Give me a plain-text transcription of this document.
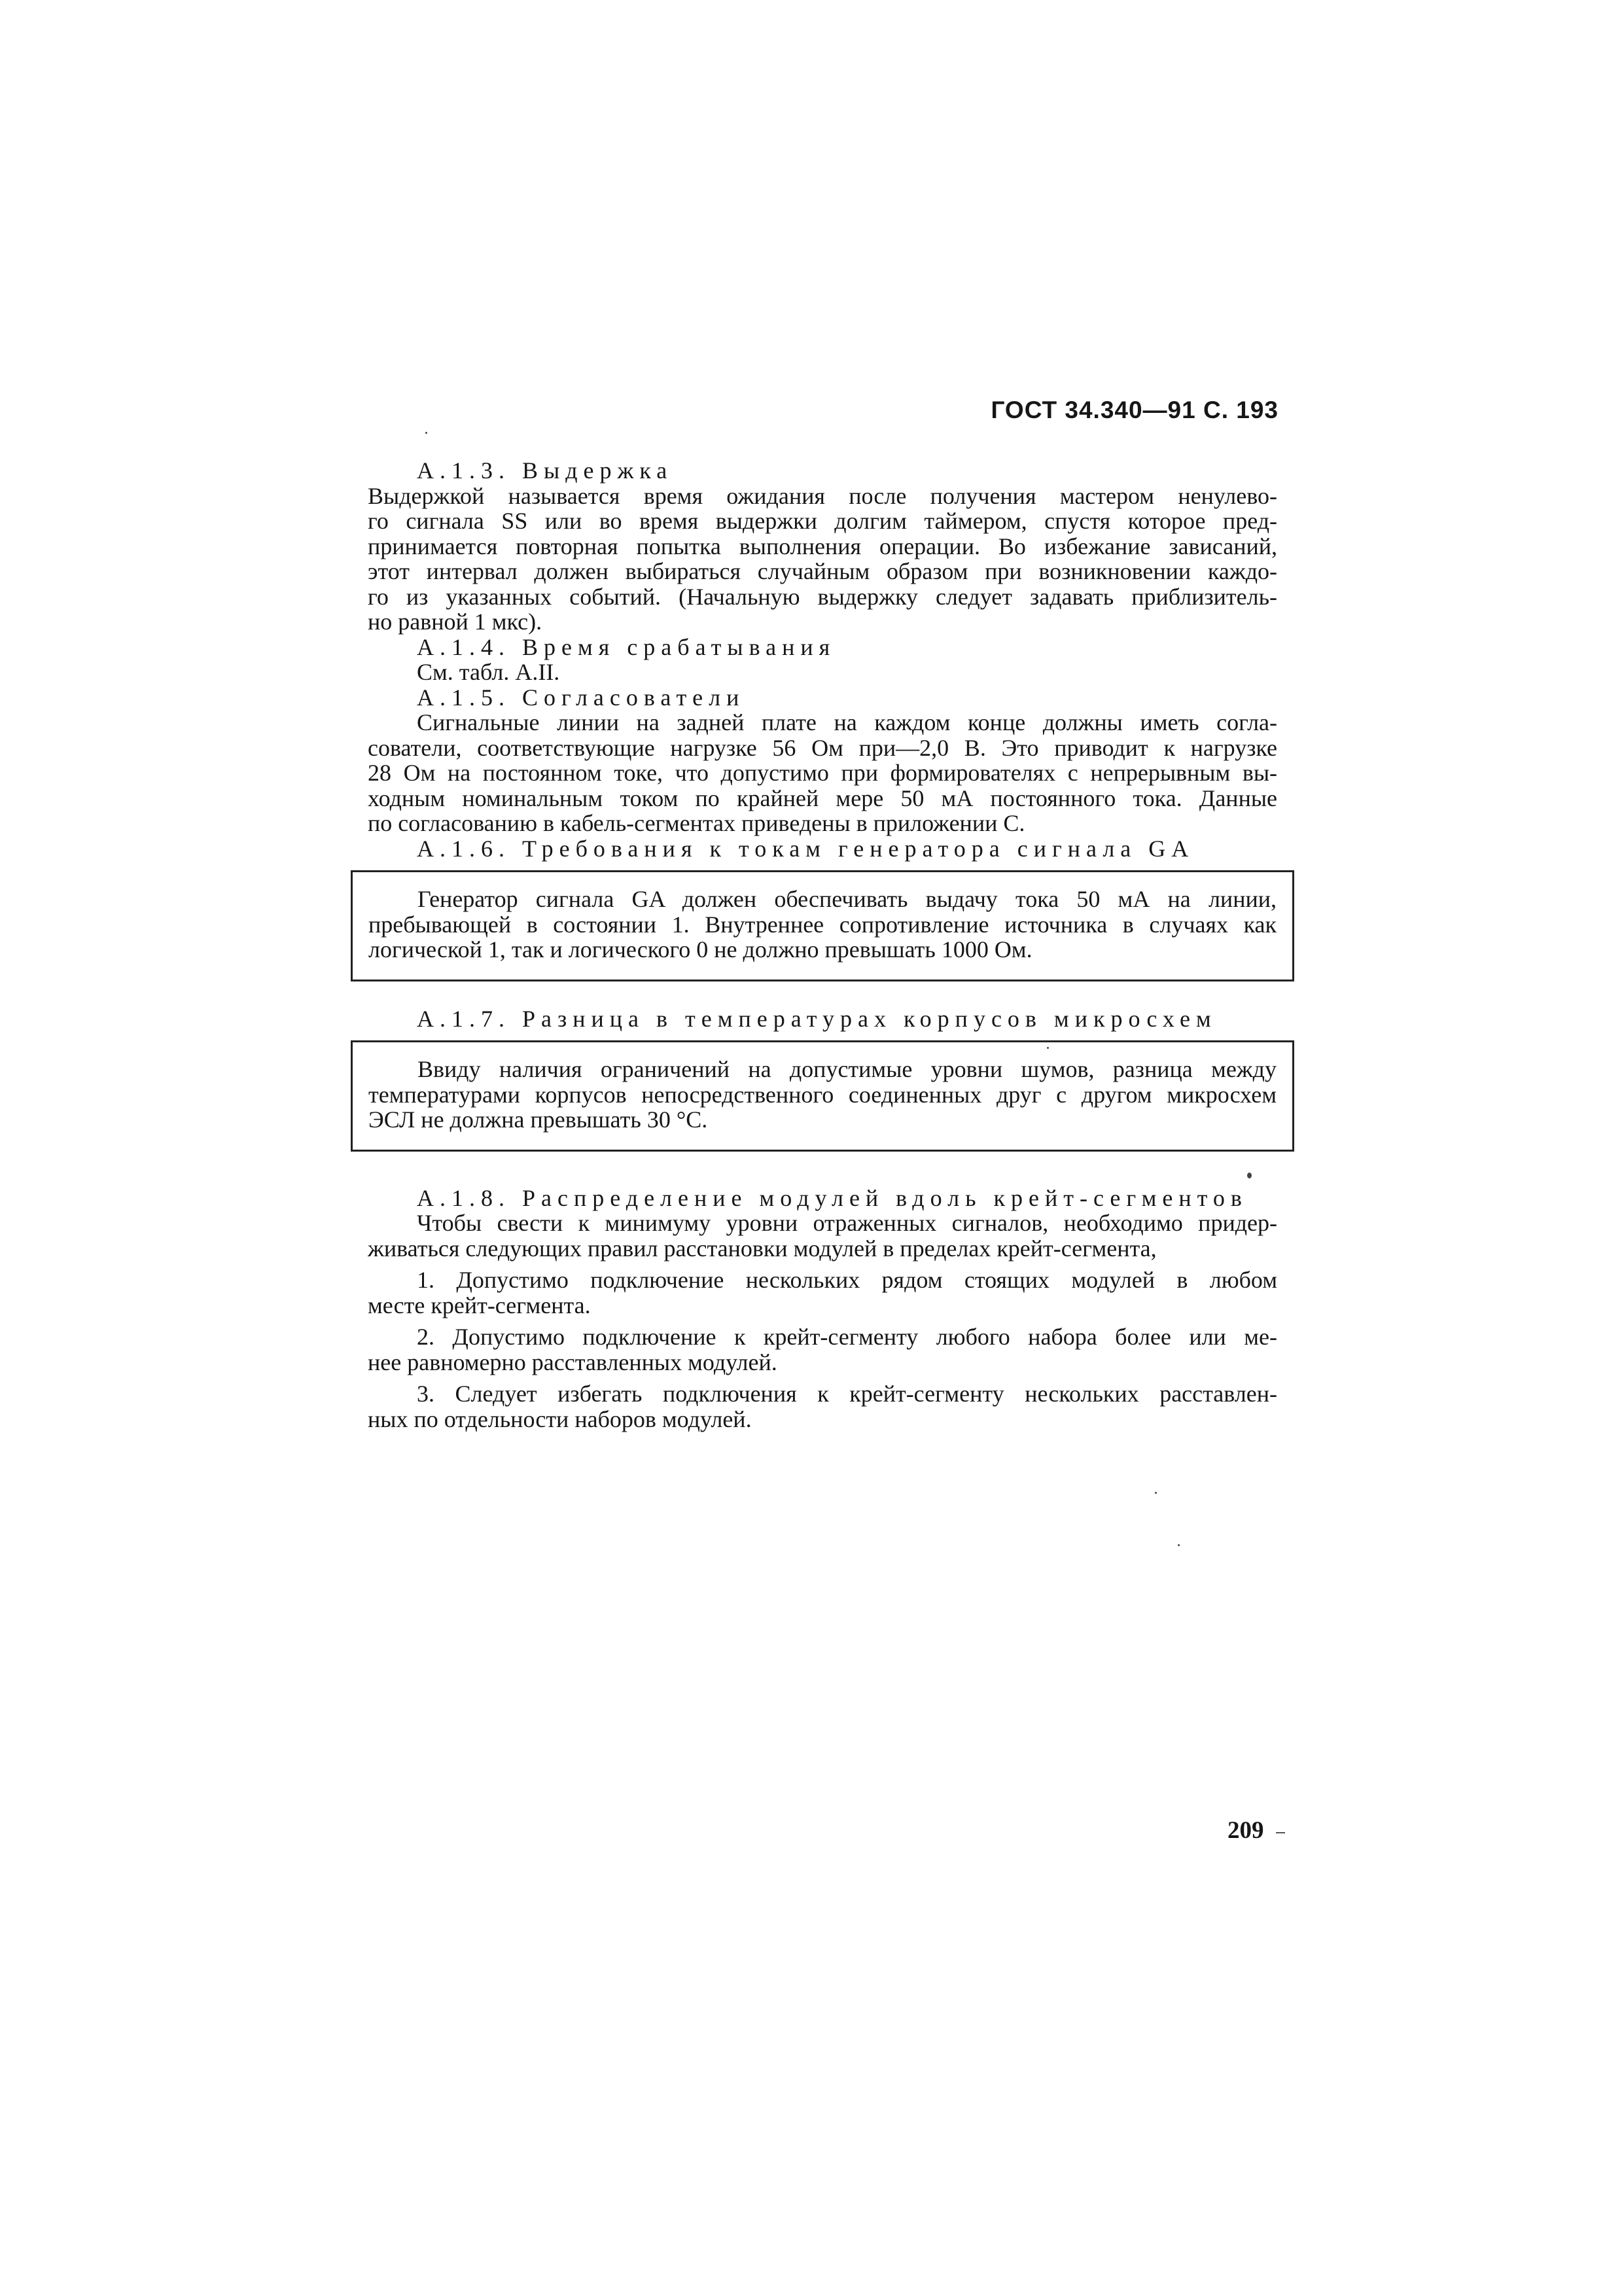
ГОСТ 34.340—91 С. 193
А.1.3. Выдержка
Выдержкой называется время ожидания после получения мастером ненулево-
го сигнала SS или во время выдержки долгим таймером, спустя которое пред-
принимается повторная попытка выполнения операции. Во избежание зависаний,
этот интервал должен выбираться случайным образом при возникновении каждо-
го из указанных событий. (Начальную выдержку следует задавать приблизитель-
но равной 1 мкс).
А.1.4. Время срабатывания
См. табл. А.II.
А.1.5. Согласователи
Сигнальные линии на задней плате на каждом конце должны иметь согла-
сователи, соответствующие нагрузке 56 Ом при—2,0 В. Это приводит к нагрузке
28 Ом на постоянном токе, что допустимо при формирователях с непрерывным вы-
ходным номинальным током по крайней мере 50 мА постоянного тока. Данные
по согласованию в кабель-сегментах приведены в приложении С.
А.1.6. Требования к токам генератора сигнала GA
Генератор сигнала GA должен обеспечивать выдачу тока 50 мА на линии,
пребывающей в состоянии 1. Внутреннее сопротивление источника в случаях как
логической 1, так и логического 0 не должно превышать 1000 Ом.
А.1.7. Разница в температурах корпусов микросхем
Ввиду наличия ограничений на допустимые уровни шумов, разница между
температурами корпусов непосредственного соединенных друг с другом микросхем
ЭСЛ не должна превышать 30 °С.
А.1.8. Распределение модулей вдоль крейт-сегментов
Чтобы свести к минимуму уровни отраженных сигналов, необходимо придер-
живаться следующих правил расстановки модулей в пределах крейт-сегмента,
1. Допустимо подключение нескольких рядом стоящих модулей в любом
месте крейт-сегмента.
2. Допустимо подключение к крейт-сегменту любого набора более или ме-
нее равномерно расставленных модулей.
3. Следует избегать подключения к крейт-сегменту нескольких расставлен-
ных по отдельности наборов модулей.
209
